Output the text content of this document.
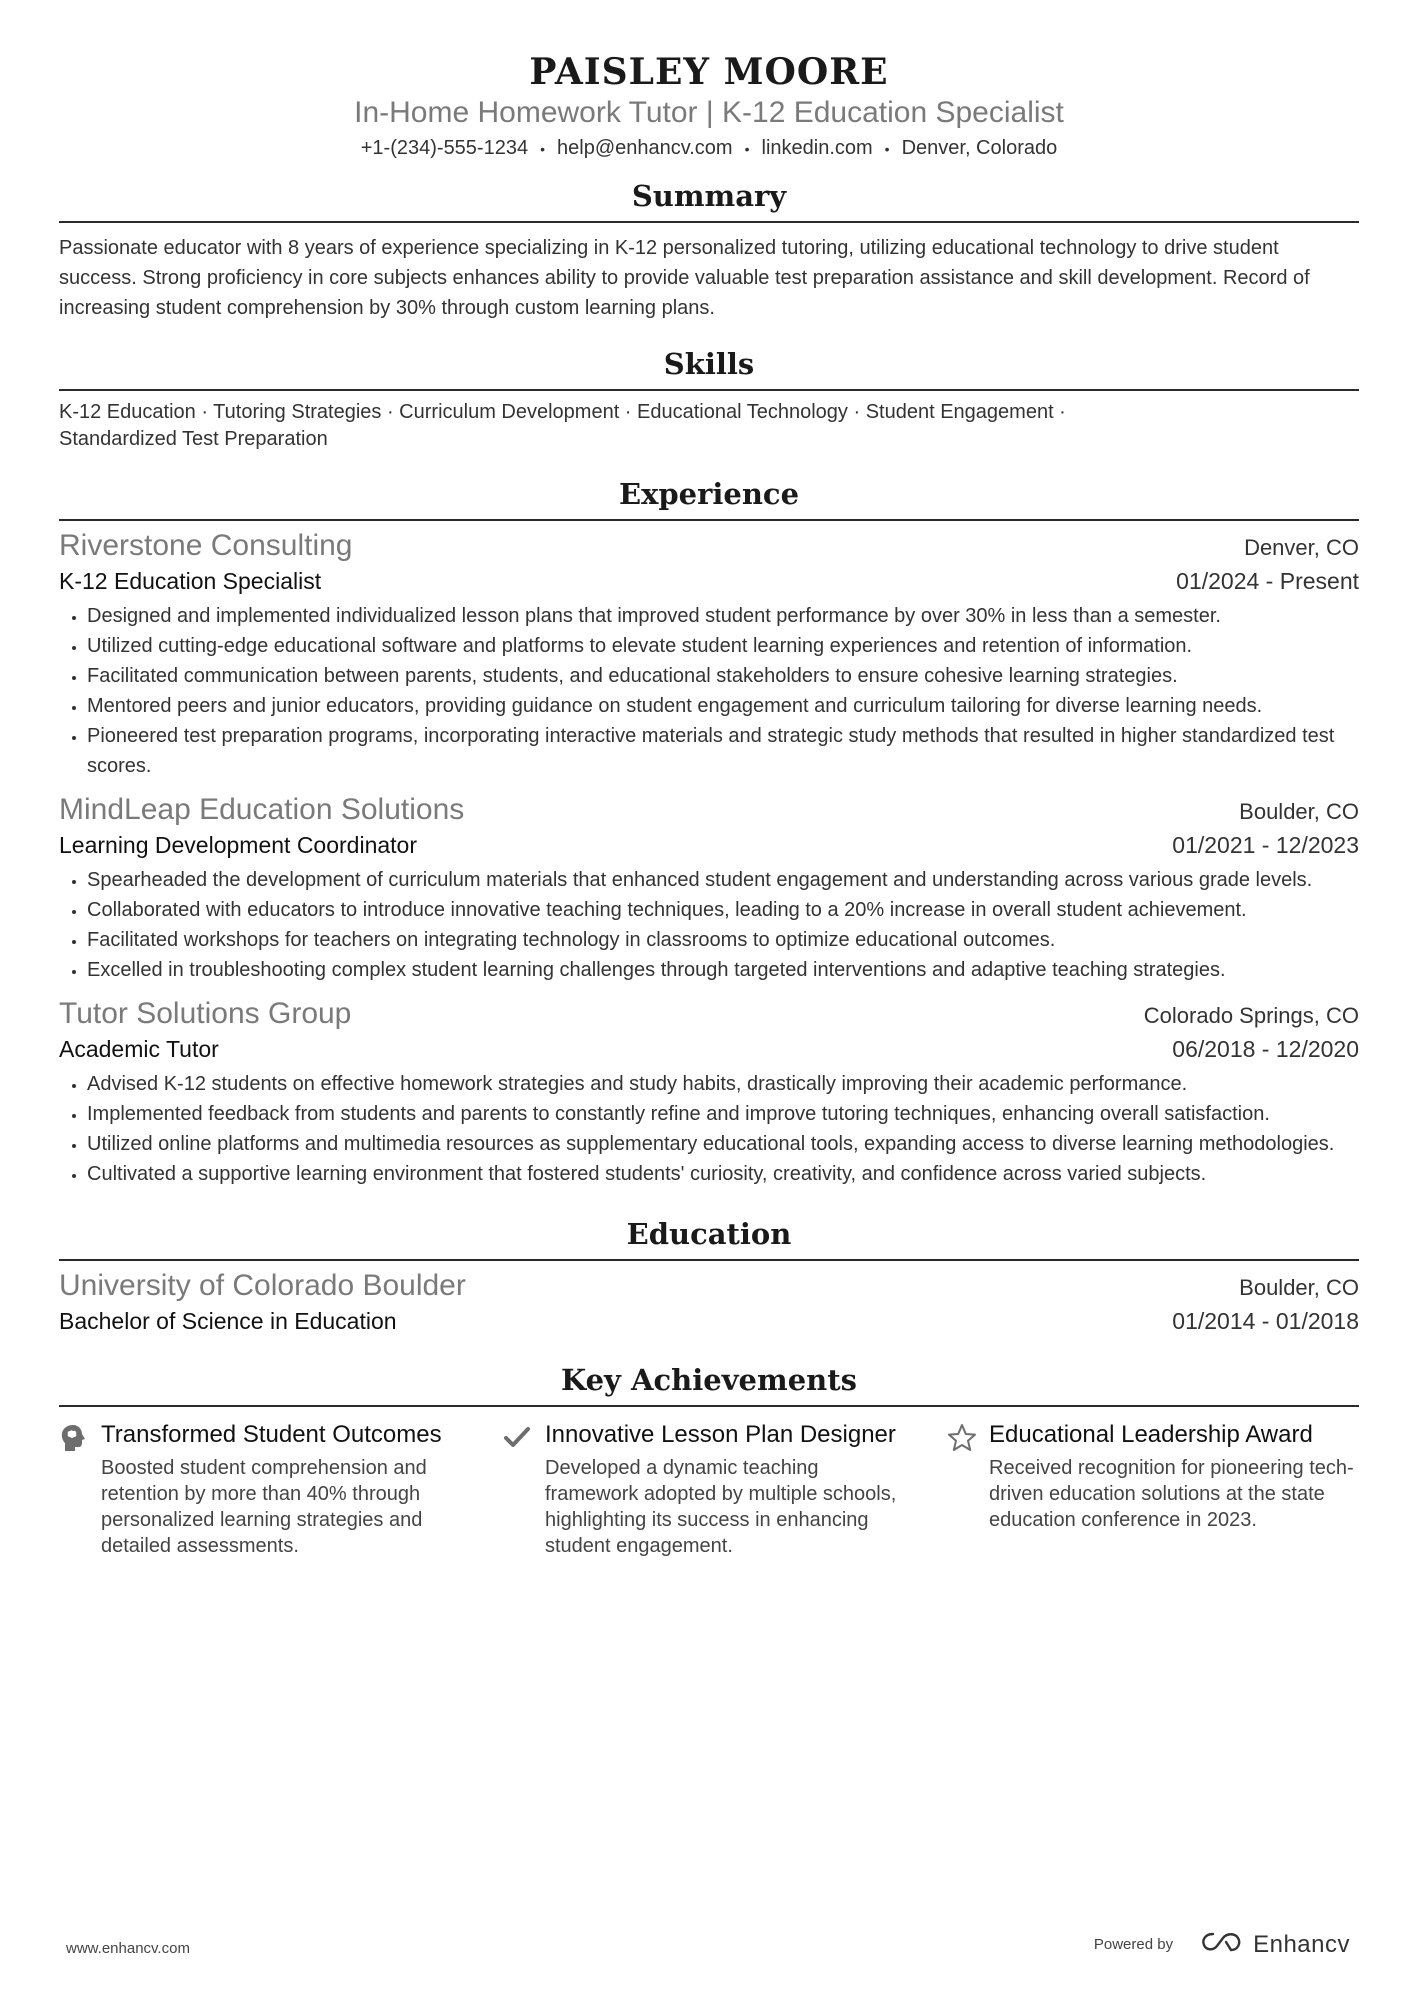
PAISLEY MOORE
In-Home Homework Tutor | K-12 Education Specialist
+1-(234)-555-1234 • help@enhancv.com • linkedin.com • Denver, Colorado
Summary
Passionate educator with 8 years of experience specializing in K-12 personalized tutoring, utilizing educational technology to drive student success. Strong proficiency in core subjects enhances ability to provide valuable test preparation assistance and skill development. Record of increasing student comprehension by 30% through custom learning plans.
Skills
K-12 Education · Tutoring Strategies · Curriculum Development · Educational Technology · Student Engagement ·
Standardized Test Preparation
Experience
Riverstone Consulting	Denver, CO
K-12 Education Specialist	01/2024 - Present
• Designed and implemented individualized lesson plans that improved student performance by over 30% in less than a semester.
• Utilized cutting-edge educational software and platforms to elevate student learning experiences and retention of information.
• Facilitated communication between parents, students, and educational stakeholders to ensure cohesive learning strategies.
• Mentored peers and junior educators, providing guidance on student engagement and curriculum tailoring for diverse learning needs.
• Pioneered test preparation programs, incorporating interactive materials and strategic study methods that resulted in higher standardized test scores.
MindLeap Education Solutions	Boulder, CO
Learning Development Coordinator	01/2021 - 12/2023
• Spearheaded the development of curriculum materials that enhanced student engagement and understanding across various grade levels.
• Collaborated with educators to introduce innovative teaching techniques, leading to a 20% increase in overall student achievement.
• Facilitated workshops for teachers on integrating technology in classrooms to optimize educational outcomes.
• Excelled in troubleshooting complex student learning challenges through targeted interventions and adaptive teaching strategies.
Tutor Solutions Group	Colorado Springs, CO
Academic Tutor	06/2018 - 12/2020
• Advised K-12 students on effective homework strategies and study habits, drastically improving their academic performance.
• Implemented feedback from students and parents to constantly refine and improve tutoring techniques, enhancing overall satisfaction.
• Utilized online platforms and multimedia resources as supplementary educational tools, expanding access to diverse learning methodologies.
• Cultivated a supportive learning environment that fostered students' curiosity, creativity, and confidence across varied subjects.
Education
University of Colorado Boulder	Boulder, CO
Bachelor of Science in Education	01/2014 - 01/2018
Key Achievements
Transformed Student Outcomes
Boosted student comprehension and retention by more than 40% through personalized learning strategies and detailed assessments.
Innovative Lesson Plan Designer
Developed a dynamic teaching framework adopted by multiple schools, highlighting its success in enhancing student engagement.
Educational Leadership Award
Received recognition for pioneering tech-driven education solutions at the state education conference in 2023.
www.enhancv.com	Powered by	Enhancv
